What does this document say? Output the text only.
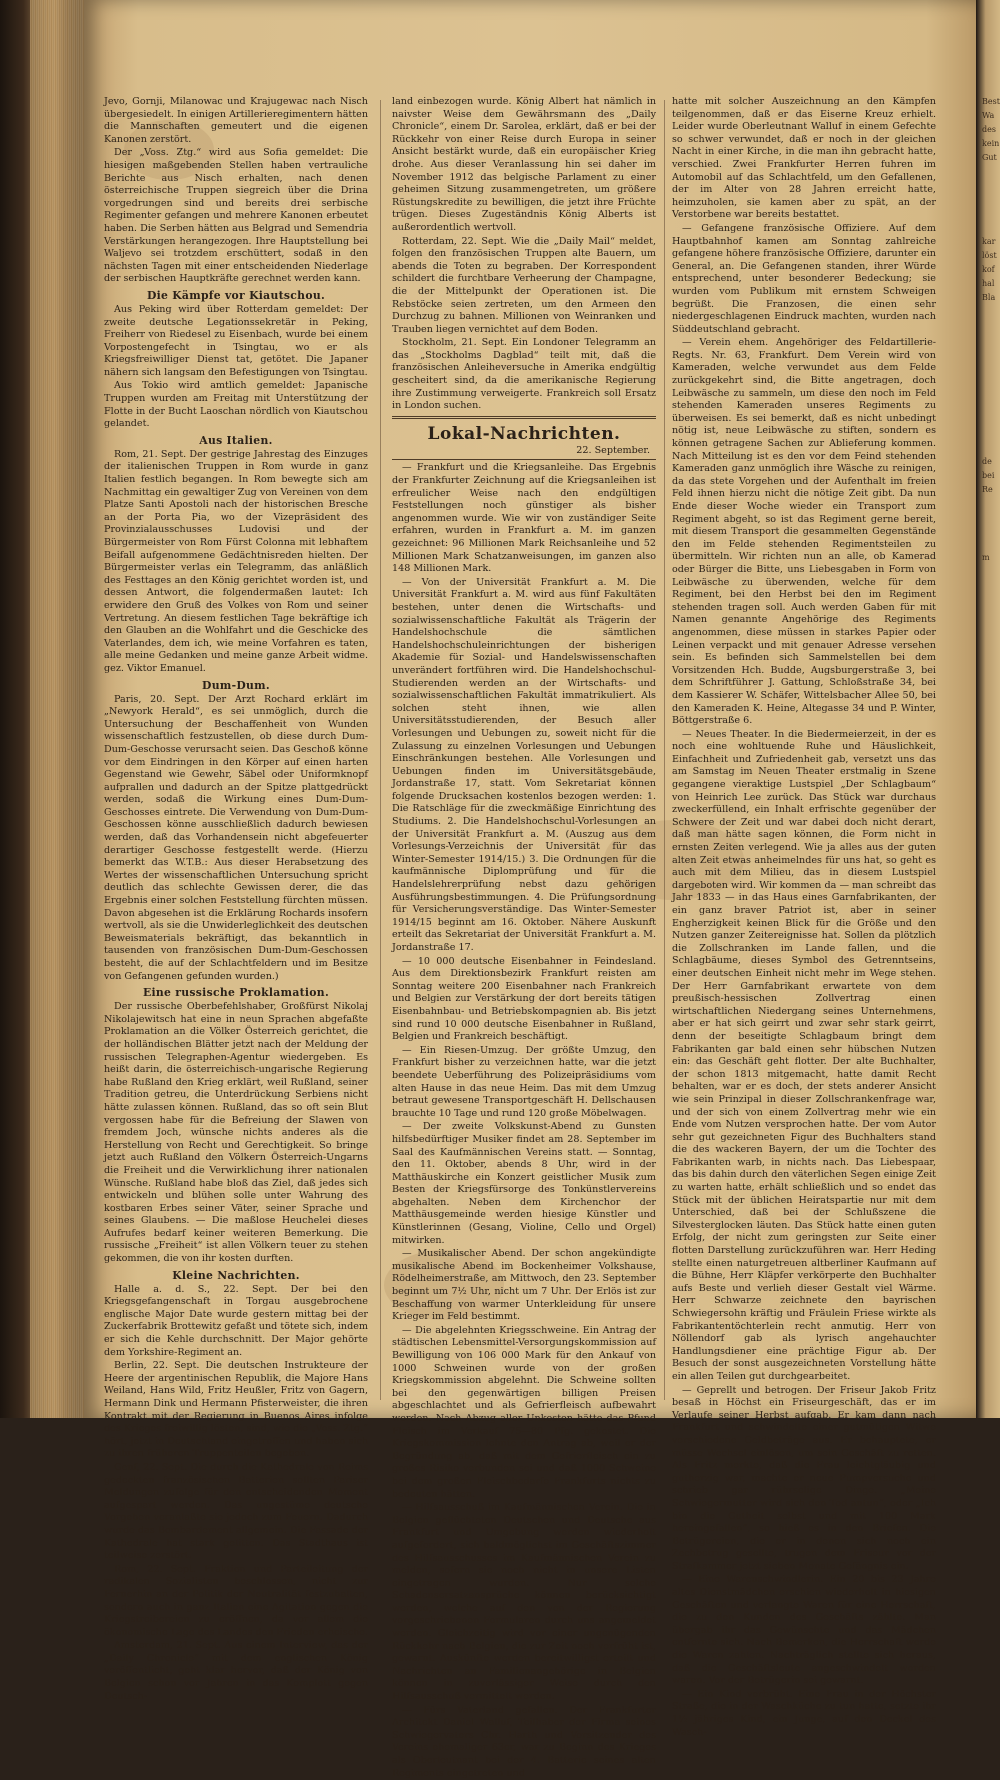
Jevo, Gornji, Milanowac und Krajugewac nach Nisch übergesiedelt. In einigen Artillerieregimentern hätten die Mannschaften gemeutert und die eigenen Kanonen zerstört.

Der „Voss. Ztg.“ wird aus Sofia gemeldet: Die hiesigen maßgebenden Stellen haben vertrauliche Berichte aus Nisch erhalten, nach denen österreichische Truppen siegreich über die Drina vorgedrungen sind und bereits drei serbische Regimenter gefangen und mehrere Kanonen erbeutet haben. Die Serben hätten aus Belgrad und Semendria Verstärkungen herangezogen. Ihre Hauptstellung bei Waljevo sei trotzdem erschüttert, sodaß in den nächsten Tagen mit einer entscheidenden Niederlage der serbischen Hauptkräfte gerechnet werden kann.

Die Kämpfe vor Kiautschou.

Aus Peking wird über Rotterdam gemeldet: Der zweite deutsche Legationssekretär in Peking, Freiherr von Riedesel zu Eisenbach, wurde bei einem Vorpostengefecht in Tsingtau, wo er als Kriegsfreiwilliger Dienst tat, getötet. Die Japaner nähern sich langsam den Befestigungen von Tsingtau.

Aus Tokio wird amtlich gemeldet: Japanische Truppen wurden am Freitag mit Unterstützung der Flotte in der Bucht Laoschan nördlich von Kiautschou gelandet.

Aus Italien.

Rom, 21. Sept. Der gestrige Jahrestag des Einzuges der italienischen Truppen in Rom wurde in ganz Italien festlich begangen. In Rom bewegte sich am Nachmittag ein gewaltiger Zug von Vereinen von dem Platze Santi Apostoli nach der historischen Bresche an der Porta Pia, wo der Vizepräsident des Provinzialausschusses Ludovisi und der Bürgermeister von Rom Fürst Colonna mit lebhaftem Beifall aufgenommene Gedächtnisreden hielten. Der Bürgermeister verlas ein Telegramm, das anläßlich des Festtages an den König gerichtet worden ist, und dessen Antwort, die folgendermaßen lautet: Ich erwidere den Gruß des Volkes von Rom und seiner Vertretung. An diesem festlichen Tage bekräftige ich den Glauben an die Wohlfahrt und die Geschicke des Vaterlandes, dem ich, wie meine Vorfahren es taten, alle meine Gedanken und meine ganze Arbeit widme. gez. Viktor Emanuel.

Dum-Dum.

Paris, 20. Sept. Der Arzt Rochard erklärt im „Newyork Herald“, es sei unmöglich, durch die Untersuchung der Beschaffenheit von Wunden wissenschaftlich festzustellen, ob diese durch Dum-Dum-Geschosse verursacht seien. Das Geschoß könne vor dem Eindringen in den Körper auf einen harten Gegenstand wie Gewehr, Säbel oder Uniformknopf aufprallen und dadurch an der Spitze plattgedrückt werden, sodaß die Wirkung eines Dum-Dum-Geschosses eintrete. Die Verwendung von Dum-Dum-Geschossen könne ausschließlich dadurch bewiesen werden, daß das Vorhandensein nicht abgefeuerter derartiger Geschosse festgestellt werde. (Hierzu bemerkt das W.T.B.: Aus dieser Herabsetzung des Wertes der wissenschaftlichen Untersuchung spricht deutlich das schlechte Gewissen derer, die das Ergebnis einer solchen Feststellung fürchten müssen. Davon abgesehen ist die Erklärung Rochards insofern wertvoll, als sie die Unwiderleglichkeit des deutschen Beweismaterials bekräftigt, das bekanntlich in tausenden von französischen Dum-Dum-Geschossen besteht, die auf der Schlachtfeldern und im Besitze von Gefangenen gefunden wurden.)

Eine russische Proklamation.

Der russische Oberbefehlshaber, Großfürst Nikolaj Nikolajewitsch hat eine in neun Sprachen abgefaßte Proklamation an die Völker Österreich gerichtet, die der holländischen Blätter jetzt nach der Meldung der russischen Telegraphen-Agentur wiedergeben. Es heißt darin, die österreichisch-ungarische Regierung habe Rußland den Krieg erklärt, weil Rußland, seiner Tradition getreu, die Unterdrückung Serbiens nicht hätte zulassen können. Rußland, das so oft sein Blut vergossen habe für die Befreiung der Slawen von fremdem Joch, wünsche nichts anderes als die Herstellung von Recht und Gerechtigkeit. So bringe jetzt auch Rußland den Völkern Österreich-Ungarns die Freiheit und die Verwirklichung ihrer nationalen Wünsche. Rußland habe bloß das Ziel, daß jedes sich entwickeln und blühen solle unter Wahrung des kostbaren Erbes seiner Väter, seiner Sprache und seines Glaubens. — Die maßlose Heuchelei dieses Aufrufes bedarf keiner weiteren Bemerkung. Die russische „Freiheit“ ist allen Völkern teuer zu stehen gekommen, die von ihr kosten durften.

Kleine Nachrichten.

Halle a. d. S., 22. Sept. Der bei den Kriegsgefangenschaft in Torgau ausgebrochene englische Major Date wurde gestern mittag bei der Zuckerfabrik Brottewitz gefaßt und tötete sich, indem er sich die Kehle durchschnitt. Der Major gehörte dem Yorkshire-Regiment an.

Berlin, 22. Sept. Die deutschen Instrukteure der Heere der argentinischen Republik, die Majore Hans Weiland, Hans Wild, Fritz Heußler, Fritz von Gagern, Hermann Dink und Hermann Pfisterweister, die ihren Kontrakt mit der Regierung in Buenos Aires infolge des Krieges freiwillig lösten, sind, wie die „Voss. Ztg.“ hört, jetzt in Deutschland eingetroffen und haben sich zu ihren früheren Truppenteilen begeben.

Genf, 22. Sept. Die durch die Kathedrale von Reims gedeckten französischen Batterien sollten Pariser Meldungen zufolge für den entscheidenden Moment aufgespart werden. Das ungestüme deutsche Vorgehen veranlaßte sie jedoch zum Feuern. Dadurch wurde das Bombardement allgemein. Die Fassade der Kathedrale hat stark gelitten. Das Stadthaus ist teilweise zerstört.

Rom, 22. Sept. Fraktion und Parteileitung der radikalen Sozialisten beschlossen, nicht zur Fernerhin an der Politik der Neutralität festzuhalten, sondern auch in ganz Italien eine Agitation gegen die Kriegstreibereien zu eröffnen, da vor allem die ökonomische Lage des Landes den Frieden erheische.

Amsterdam, 21. Sept. Aus einem Interview, das der „Daily Chronicle“ mit dem englischen König veröffentlicht, geht klar hervor, daß der König von Belgien schon vor Jahren in das Komplott gegen Deutsch-

land einbezogen wurde. König Albert hat nämlich in naivster Weise dem Gewährsmann des „Daily Chronicle“, einem Dr. Sarolea, erklärt, daß er bei der Rückkehr von einer Reise durch Europa in seiner Ansicht bestärkt wurde, daß ein europäischer Krieg drohe. Aus dieser Veranlassung hin sei daher im November 1912 das belgische Parlament zu einer geheimen Sitzung zusammengetreten, um größere Rüstungskredite zu bewilligen, die jetzt ihre Früchte trügen. Dieses Zugeständnis König Alberts ist außerordentlich wertvoll.

Rotterdam, 22. Sept. Wie die „Daily Mail“ meldet, folgen den französischen Truppen alte Bauern, um abends die Toten zu begraben. Der Korrespondent schildert die furchtbare Verheerung der Champagne, die der Mittelpunkt der Operationen ist. Die Rebstöcke seien zertreten, um den Armeen den Durchzug zu bahnen. Millionen von Weinranken und Trauben liegen vernichtet auf dem Boden.

Stockholm, 21. Sept. Ein Londoner Telegramm an das „Stockholms Dagblad“ teilt mit, daß die französischen Anleiheversuche in Amerika endgültig gescheitert sind, da die amerikanische Regierung ihre Zustimmung verweigerte. Frankreich soll Ersatz in London suchen.

Lokal-Nachrichten.
22. September.

— Frankfurt und die Kriegsanleihe. Das Ergebnis der Frankfurter Zeichnung auf die Kriegsanleihen ist erfreulicher Weise nach den endgültigen Feststellungen noch günstiger als bisher angenommen wurde. Wie wir von zuständiger Seite erfahren, wurden in Frankfurt a. M. im ganzen gezeichnet: 96 Millionen Mark Reichsanleihe und 52 Millionen Mark Schatzanweisungen, im ganzen also 148 Millionen Mark.

— Von der Universität Frankfurt a. M. Die Universität Frankfurt a. M. wird aus fünf Fakultäten bestehen, unter denen die Wirtschafts- und sozialwissenschaftliche Fakultät als Trägerin der Handelshochschule die sämtlichen Handelshochschuleinrichtungen der bisherigen Akademie für Sozial- und Handelswissenschaften unverändert fortführen wird. Die Handelshochschul-Studierenden werden an der Wirtschafts- und sozialwissenschaftlichen Fakultät immatrikuliert. Als solchen steht ihnen, wie allen Universitätsstudierenden, der Besuch aller Vorlesungen und Uebungen zu, soweit nicht für die Zulassung zu einzelnen Vorlesungen und Uebungen Einschränkungen bestehen. Alle Vorlesungen und Uebungen finden im Universitätsgebäude, Jordanstraße 17, statt. Vom Sekretariat können folgende Drucksachen kostenlos bezogen werden: 1. Die Ratschläge für die zweckmäßige Einrichtung des Studiums. 2. Die Handelshochschul-Vorlesungen an der Universität Frankfurt a. M. (Auszug aus dem Vorlesungs-Verzeichnis der Universität für das Winter-Semester 1914/15.) 3. Die Ordnungen für die kaufmännische Diplomprüfung und für die Handelslehrerprüfung nebst dazu gehörigen Ausführungsbestimmungen. 4. Die Prüfungsordnung für Versicherungsverständige. Das Winter-Semester 1914/15 beginnt am 16. Oktober. Nähere Auskunft erteilt das Sekretariat der Universität Frankfurt a. M. Jordanstraße 17.

— 10 000 deutsche Eisenbahner in Feindesland. Aus dem Direktionsbezirk Frankfurt reisten am Sonntag weitere 200 Eisenbahner nach Frankreich und Belgien zur Verstärkung der dort bereits tätigen Eisenbahnbau- und Betriebskompagnien ab. Bis jetzt sind rund 10 000 deutsche Eisenbahner in Rußland, Belgien und Frankreich beschäftigt.

— Ein Riesen-Umzug. Der größte Umzug, den Frankfurt bisher zu verzeichnen hatte, war die jetzt beendete Ueberführung des Polizeipräsidiums vom alten Hause in das neue Heim. Das mit dem Umzug betraut gewesene Transportgeschäft H. Dellschausen brauchte 10 Tage und rund 120 große Möbelwagen.

— Der zweite Volkskunst-Abend zu Gunsten hilfsbedürftiger Musiker findet am 28. September im Saal des Kaufmännischen Vereins statt. — Sonntag, den 11. Oktober, abends 8 Uhr, wird in der Matthäuskirche ein Konzert geistlicher Musik zum Besten der Kriegsfürsorge des Tonkünstlervereins abgehalten. Neben dem Kirchenchor der Matthäusgemeinde werden hiesige Künstler und Künstlerinnen (Gesang, Violine, Cello und Orgel) mitwirken.

— Musikalischer Abend. Der schon angekündigte musikalische Abend im Bockenheimer Volkshause, Rödelheimerstraße, am Mittwoch, den 23. September beginnt um 7½ Uhr, nicht um 7 Uhr. Der Erlös ist zur Beschaffung von warmer Unterkleidung für unsere Krieger im Feld bestimmt.

— Die abgelehnten Kriegsschweine. Ein Antrag der städtischen Lebensmittel-Versorgungskommission auf Bewilligung von 106 000 Mark für den Ankauf von 1000 Schweinen wurde von der großen Kriegskommission abgelehnt. Die Schweine sollten bei den gegenwärtigen billigen Preisen abgeschlachtet und als Gefrierfleisch aufbewahrt werden. Nach Abzug aller Unkosten hätte das Pfund Fleisch im Verkauf 75—80 Pfg. gekostet. Die Kriegskommission lehnte den Antrag ab, weil er der Begründung ab, daß mit dem Gefrierfleisch ein zu großes Risiko verbunden sei und daß 1000 Schweine bei dem großen Fleischbedarfe Frankfurts nichts zu bedeuten hätten.

— Hilfsausschuß im Kaufmännischen Verein. Die in Belgien geflüchteten Deutschen und Deutsche aus Frankfurt und Umgebung werden wiederholt aufgefordert, sich baldmöglichst im Geschäftszimmer des Hilfsausschusses im Kaufmännischen Verein zu melden, sofern sie noch nicht in unsere Listen eingetragen wurden. Nur solche Schadensersatzansprüche können berücksichtigt werden, welche auf den von der Regierung vorgeschriebenen Formularen durch uns angemeldet werden. Gleichzeitig wird vor einer ungenügenden Rückkehr nach Belgien, die zur Zeit noch verfrüht ist, gewarnt. Auskünfte werden bereitwilligst erteilt und Nachrichten an Familienangehörige in Belgien können in zuverlässiger Weise durch den Hilfsausschuß vermittelt werden.

— Fürs Vaterland gefallen. Der Frankfurter Architekt Daniel Walluf, Teilhaber der Firma seines Schwiegervaters Chr. Harth und Vorsitzender des Vereins ehemaliger 63er, war zu Beginn des Krieges als Oberleutnant bei der 4. Batterie seines alten Regiments eingetreten und

hatte mit solcher Auszeichnung an den Kämpfen teilgenommen, daß er das Eiserne Kreuz erhielt. Leider wurde Oberleutnant Walluf in einem Gefechte so schwer verwundet, daß er noch in der gleichen Nacht in einer Kirche, in die man ihn gebracht hatte, verschied. Zwei Frankfurter Herren fuhren im Automobil auf das Schlachtfeld, um den Gefallenen, der im Alter von 28 Jahren erreicht hatte, heimzuholen, sie kamen aber zu spät, an der Verstorbene war bereits bestattet.

— Gefangene französische Offiziere. Auf dem Hauptbahnhof kamen am Sonntag zahlreiche gefangene höhere französische Offiziere, darunter ein General, an. Die Gefangenen standen, ihrer Würde entsprechend, unter besonderer Bedeckung; sie wurden vom Publikum mit ernstem Schweigen begrüßt. Die Franzosen, die einen sehr niedergeschlagenen Eindruck machten, wurden nach Süddeutschland gebracht.

— Verein ehem. Angehöriger des Feldartillerie-Regts. Nr. 63, Frankfurt. Dem Verein wird von Kameraden, welche verwundet aus dem Felde zurückgekehrt sind, die Bitte angetragen, doch Leibwäsche zu sammeln, um diese den noch im Feld stehenden Kameraden unseres Regiments zu überweisen. Es sei bemerkt, daß es nicht unbedingt nötig ist, neue Leibwäsche zu stiften, sondern es können getragene Sachen zur Ablieferung kommen. Nach Mitteilung ist es den vor dem Feind stehenden Kameraden ganz unmöglich ihre Wäsche zu reinigen, da das stete Vorgehen und der Aufenthalt im freien Feld ihnen hierzu nicht die nötige Zeit gibt. Da nun Ende dieser Woche wieder ein Transport zum Regiment abgeht, so ist das Regiment gerne bereit, mit diesem Transport die gesammelten Gegenstände den im Felde stehenden Regimentsteilen zu übermitteln. Wir richten nun an alle, ob Kamerad oder Bürger die Bitte, uns Liebesgaben in Form von Leibwäsche zu überwenden, welche für dem Regiment, bei den Herbst bei den im Regiment stehenden tragen soll. Auch werden Gaben für mit Namen genannte Angehörige des Regiments angenommen, diese müssen in starkes Papier oder Leinen verpackt und mit genauer Adresse versehen sein. Es befinden sich Sammelstellen bei dem Vorsitzenden Hch. Budde, Augsburgerstraße 3, bei dem Schriftführer J. Gattung, Schloßstraße 34, bei dem Kassierer W. Schäfer, Wittelsbacher Allee 50, bei den Kameraden K. Heine, Altegasse 34 und P. Winter, Böttgerstraße 6.

— Neues Theater. In die Biedermeierzeit, in der es noch eine wohltuende Ruhe und Häuslichkeit, Einfachheit und Zufriedenheit gab, versetzt uns das am Samstag im Neuen Theater erstmalig in Szene gegangene vieraktige Lustspiel „Der Schlagbaum“ von Heinrich Lee zurück. Das Stück war durchaus zweckerfüllend, ein Inhalt erfrischte gegenüber der Schwere der Zeit und war dabei doch nicht derart, daß man hätte sagen können, die Form nicht in ernsten Zeiten verlegend. Wie ja alles aus der guten alten Zeit etwas anheimelndes für uns hat, so geht es auch mit dem Milieu, das in diesem Lustspiel dargeboten wird. Wir kommen da — man schreibt das Jahr 1833 — in das Haus eines Garnfabrikanten, der ein ganz braver Patriot ist, aber in seiner Engherzigkeit keinen Blick für die Größe und den Nutzen ganzer Zeitereignisse hat. Sollen da plötzlich die Zollschranken im Lande fallen, und die Schlagbäume, dieses Symbol des Getrenntseins, einer deutschen Einheit nicht mehr im Wege stehen. Der Herr Garnfabrikant erwartete von dem preußisch-hessischen Zollvertrag einen wirtschaftlichen Niedergang seines Unternehmens, aber er hat sich geirrt und zwar sehr stark geirrt, denn der beseitigte Schlagbaum bringt dem Fabrikanten gar bald einen sehr hübschen Nutzen ein: das Geschäft geht flotter. Der alte Buchhalter, der schon 1813 mitgemacht, hatte damit Recht behalten, war er es doch, der stets anderer Ansicht wie sein Prinzipal in dieser Zollschrankenfrage war, und der sich von einem Zollvertrag mehr wie ein Ende vom Nutzen versprochen hatte. Der vom Autor sehr gut gezeichneten Figur des Buchhalters stand die des wackeren Bayern, der um die Tochter des Fabrikanten warb, in nichts nach. Das Liebespaar, das bis dahin durch den väterlichen Segen einige Zeit zu warten hatte, erhält schließlich und so endet das Stück mit der üblichen Heiratspartie nur mit dem Unterschied, daß bei der Schlußszene die Silvesterglocken läuten. Das Stück hatte einen guten Erfolg, der nicht zum geringsten zur Seite einer flotten Darstellung zurückzuführen war. Herr Heding stellte einen naturgetreuen altberliner Kaufmann auf die Bühne, Herr Kläpfer verkörperte den Buchhalter aufs Beste und verlieh dieser Gestalt viel Wärme. Herr Schwarze zeichnete den bayrischen Schwiegersohn kräftig und Fräulein Friese wirkte als Fabrikantentöchterlein recht anmutig. Herr von Nöllendorf gab als lyrisch angehauchter Handlungsdiener eine prächtige Figur ab. Der Besuch der sonst ausgezeichneten Vorstellung hätte ein allen Teilen gut durchgearbeitet.

— Geprellt und betrogen. Der Friseur Jakob Fritz besaß in Höchst ein Friseurgeschäft, das er im Verlaufe seiner Herbst aufgab. Er kam dann nach Frankfurt und schwindelte einer gutmütigen Witwe verschiedene Geldbeträge aus. Er behauptete, er müsse Wechsel einlösen, um sein Geschäft zu retten. Als Fritz merkte, daß die Frau leichtgläubig und gutherzig war, machte er neue Pumpversuche und schrieb gar rührselige Dinge. „Meine Schwiegermutter wird sich den Tod antun“, oder „Ich bin die Gutheit selbst und mit 100 Mark hereingefallen“, so hieß es in den Briefen. Die Betrügereien, die er in denen sich noch ein Zechbetrug gesellte, trugen dem Friseur vor der Strafkammer jetzt sieben Monate Gefängnis ein.

— Eine Warenschwindlerin. Ein 20 bis 23 Jahre altes Dienstmädchen erschien wiederholt in hiesigen Geschäften und verlangte Waren für eine Herrschaft, die zu den Kunden des Geschäfts zählte. Man übergab ihr das Gewünschte und das Mädchen entfernte sich. Nach Bemerken, die Herrschaft werde die Waren zahlen. Nachträglich stellte sich heraus, daß die Geschäftsleute angeschwindelt worden waren. Vor der Betrügerin sei gewarnt.

— Ein Kind verbrüht. Eine Frau in der Höchster Straße, die in der Waschküche zu tun hatte, setzte ihr 1½ jähriges Kind, ein Junge, auf den Deckel des Wasch-

Best
Wa
des
kein
Gut
kar
löst
kof
hal
Bla
de
bei
Re
m
